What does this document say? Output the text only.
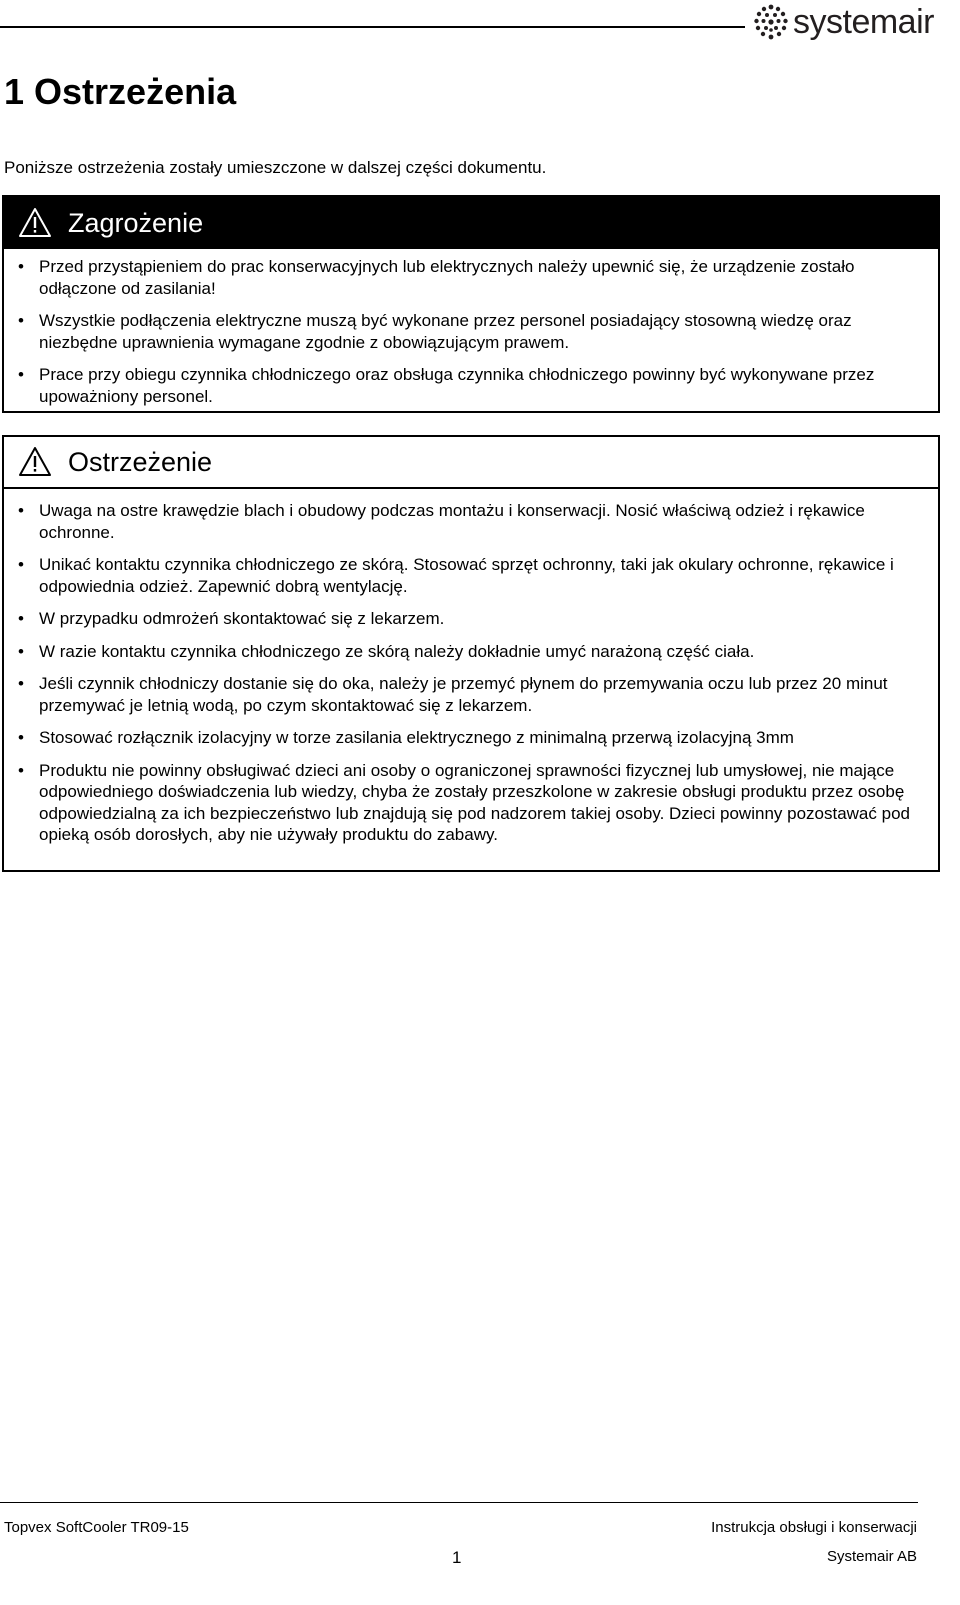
systemair
1 Ostrzeżenia

Poniższe ostrzeżenia zostały umieszczone w dalszej części dokumentu.

Zagrożenie
• Przed przystąpieniem do prac konserwacyjnych lub elektrycznych należy upewnić się, że urządzenie zostało odłączone od zasilania!
• Wszystkie podłączenia elektryczne muszą być wykonane przez personel posiadający stosowną wiedzę oraz niezbędne uprawnienia wymagane zgodnie z obowiązującym prawem.
• Prace przy obiegu czynnika chłodniczego oraz obsługa czynnika chłodniczego powinny być wykonywane przez upoważniony personel.
Ostrzeżenie
• Uwaga na ostre krawędzie blach i obudowy podczas montażu i konserwacji. Nosić właściwą odzież i rękawice ochronne.
• Unikać kontaktu czynnika chłodniczego ze skórą. Stosować sprzęt ochronny, taki jak okulary ochronne, rękawice i odpowiednia odzież. Zapewnić dobrą wentylację.
• W przypadku odmrożeń skontaktować się z lekarzem.
• W razie kontaktu czynnika chłodniczego ze skórą należy dokładnie umyć narażoną część ciała.
• Jeśli czynnik chłodniczy dostanie się do oka, należy je przemyć płynem do przemywania oczu lub przez 20 minut przemywać je letnią wodą, po czym skontaktować się z lekarzem.
• Stosować rozłącznik izolacyjny w torze zasilania elektrycznego z minimalną przerwą izolacyjną 3mm
• Produktu nie powinny obsługiwać dzieci ani osoby o ograniczonej sprawności fizycznej lub umysłowej, nie mające odpowiedniego doświadczenia lub wiedzy, chyba że zostały przeszkolone w zakresie obsługi produktu przez osobę odpowiedzialną za ich bezpieczeństwo lub znajdują się pod nadzorem takiej osoby. Dzieci powinny pozostawać pod opieką osób dorosłych, aby nie używały produktu do zabawy.
Topvex SoftCooler TR09-15	Instrukcja obsługi i konserwacji
1	Systemair AB
